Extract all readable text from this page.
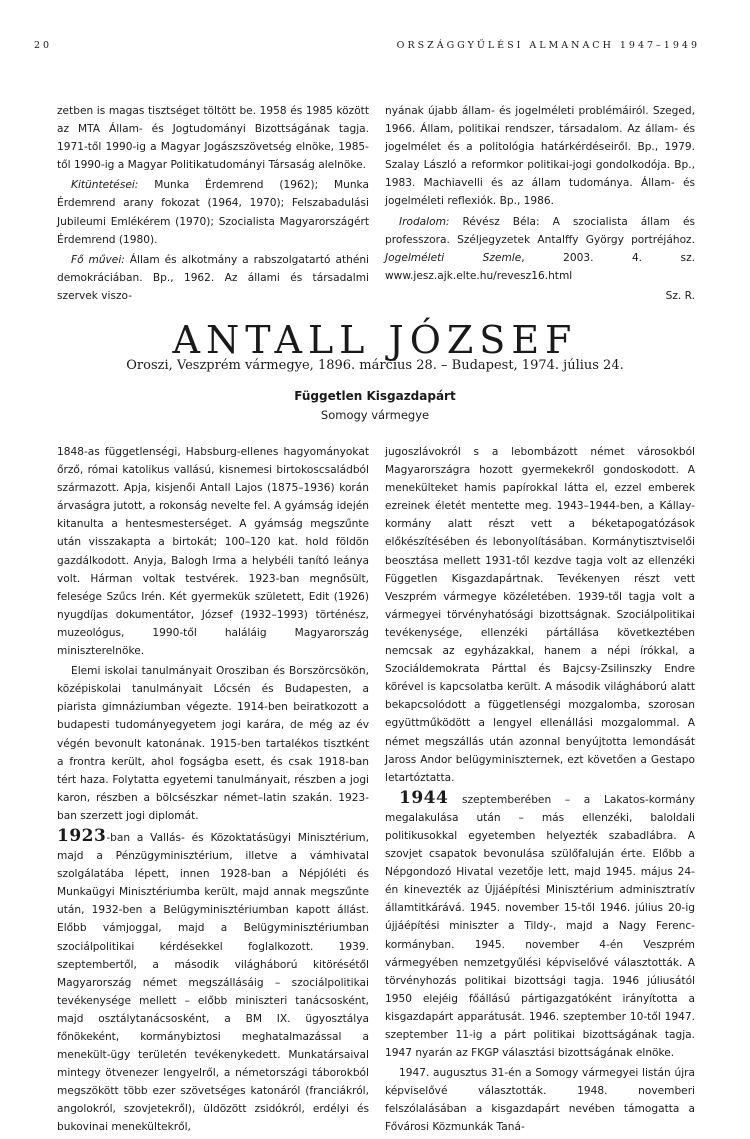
20	ORSZÁGGYŰLÉSI ALMANACH 1947–1949

zetben is magas tisztséget töltött be. 1958 és 1985 között az MTA Állam- és Jogtudományi Bizottságának tagja. 1971-től 1990-ig a Magyar Jogászszövetség elnöke, 1985-től 1990-ig a Magyar Politikatudományi Társaság alelnöke.

Kitüntetései: Munka Érdemrend (1962); Munka Érdemrend arany fokozat (1964, 1970); Felszabadulási Jubileumi Emlékérem (1970); Szocialista Magyarországért Érdemrend (1980).

Fő művei: Állam és alkotmány a rabszolgatartó athéni demokráciában. Bp., 1962. Az állami és társadalmi szervek viszo-

nyának újabb állam- és jogelméleti problémáiról. Szeged, 1966. Állam, politikai rendszer, társadalom. Az állam- és jogelmélet és a politológia határkérdéseiről. Bp., 1979. Szalay László a reformkor politikai-jogi gondolkodója. Bp., 1983. Machiavelli és az állam tudománya. Állam- és jogelméleti reflexiók. Bp., 1986.

Irodalom: Révész Béla: A szocialista állam és professzora. Széljegyzetek Antalffy György portréjához. Jogelméleti Szemle, 2003. 4. sz. www.jesz.ajk.elte.hu/revesz16.html

Sz. R.

ANTALL JÓZSEF
Oroszi, Veszprém vármegye, 1896. március 28. – Budapest, 1974. július 24.
Független Kisgazdapárt
Somogy vármegye

1848-as függetlenségi, Habsburg-ellenes hagyományokat őrző, római katolikus vallású, kisnemesi birtokoscsaládból származott. Apja, kisjenői Antall Lajos (1875–1936) korán árvaságra jutott, a rokonság nevelte fel. A gyámság idején kitanulta a hentesmesterséget. A gyámság megszűnte után visszakapta a birtokát; 100–120 kat. hold földön gazdálkodott. Anyja, Balogh Irma a helybéli tanító leánya volt. Hárman voltak testvérek. 1923-ban megnősült, felesége Szűcs Irén. Két gyermekük született, Edit (1926) nyugdíjas dokumentátor, József (1932–1993) történész, muzeológus, 1990-től haláláig Magyarország miniszterelnöke.

Elemi iskolai tanulmányait Orosziban és Borszörcsökön, középiskolai tanulmányait Lőcsén és Budapesten, a piarista gimnáziumban végezte. 1914-ben beiratkozott a budapesti tudományegyetem jogi karára, de még az év végén bevonult katonának. 1915-ben tartalékos tisztként a frontra került, ahol fogságba esett, és csak 1918-ban tért haza. Folytatta egyetemi tanulmányait, részben a jogi karon, részben a bölcsészkar német–latin szakán. 1923-ban szerzett jogi diplomát.

1923-ban a Vallás- és Közoktatásügyi Minisztérium, majd a Pénzügyminisztérium, illetve a vámhivatal szolgálatába lépett, innen 1928-ban a Népjóléti és Munkaügyi Minisztériumba került, majd annak megszűnte után, 1932-ben a Belügyminisztériumban kapott állást. Előbb vámjoggal, majd a Belügyminisztériumban szociálpolitikai kérdésekkel foglalkozott. 1939. szeptembertől, a második világháború kitörésétől Magyarország német megszállásáig – szociálpolitikai tevékenysége mellett – előbb miniszteri tanácsosként, majd osztálytanácsosként, a BM IX. ügyosztálya főnökeként, kormánybiztosi meghatalmazással a menekült-ügy területén tevékenykedett. Munkatársaival mintegy ötvenezer lengyelről, a németországi táborokból megszökött több ezer szövetséges katonáról (franciákról, angolokról, szovjetekről), üldözött zsidókról, erdélyi és bukovinai menekültekről,

jugoszlávokról s a lebombázott német városokból Magyarországra hozott gyermekekről gondoskodott. A menekülteket hamis papírokkal látta el, ezzel emberek ezreinek életét mentette meg. 1943–1944-ben, a Kállay-kormány alatt részt vett a béketapogatózások előkészítésében és lebonyolításában. Kormánytisztviselői beosztása mellett 1931-től kezdve tagja volt az ellenzéki Független Kisgazdapártnak. Tevékenyen részt vett Veszprém vármegye közéletében. 1939-től tagja volt a vármegyei törvényhatósági bizottságnak. Szociálpolitikai tevékenysége, ellenzéki pártállása következtében nemcsak az egyházakkal, hanem a népi írókkal, a Szociáldemokrata Párttal és Bajcsy-Zsilinszky Endre körével is kapcsolatba került. A második világháború alatt bekapcsolódott a függetlenségi mozgalomba, szorosan együttműködött a lengyel ellenállási mozgalommal. A német megszállás után azonnal benyújtotta lemondását Jaross Andor belügyminiszternek, ezt követően a Gestapo letartóztatta.

1944 szeptemberében – a Lakatos-kormány megalakulása után – más ellenzéki, baloldali politikusokkal egyetemben helyezték szabadlábra. A szovjet csapatok bevonulása szülőfaluján érte. Előbb a Népgondozó Hivatal vezetője lett, majd 1945. május 24-én kinevezték az Újjáépítési Minisztérium adminisztratív államtitkárává. 1945. november 15-től 1946. július 20-ig újjáépítési miniszter a Tildy-, majd a Nagy Ferenc-kormányban. 1945. november 4-én Veszprém vármegyében nemzetgyűlési képviselővé választották. A törvényhozás politikai bizottsági tagja. 1946 júliusától 1950 elejéig főállású pártigazgatóként irányította a kisgazdapárt apparátusát. 1946. szeptember 10-től 1947. szeptember 11-ig a párt politikai bizottságának tagja. 1947 nyarán az FKGP választási bizottságának elnöke.

1947. augusztus 31-én a Somogy vármegyei listán újra képviselővé választották. 1948. novemberi felszólalásában a kisgazdapárt nevében támogatta a Fővárosi Közmunkák Taná-
